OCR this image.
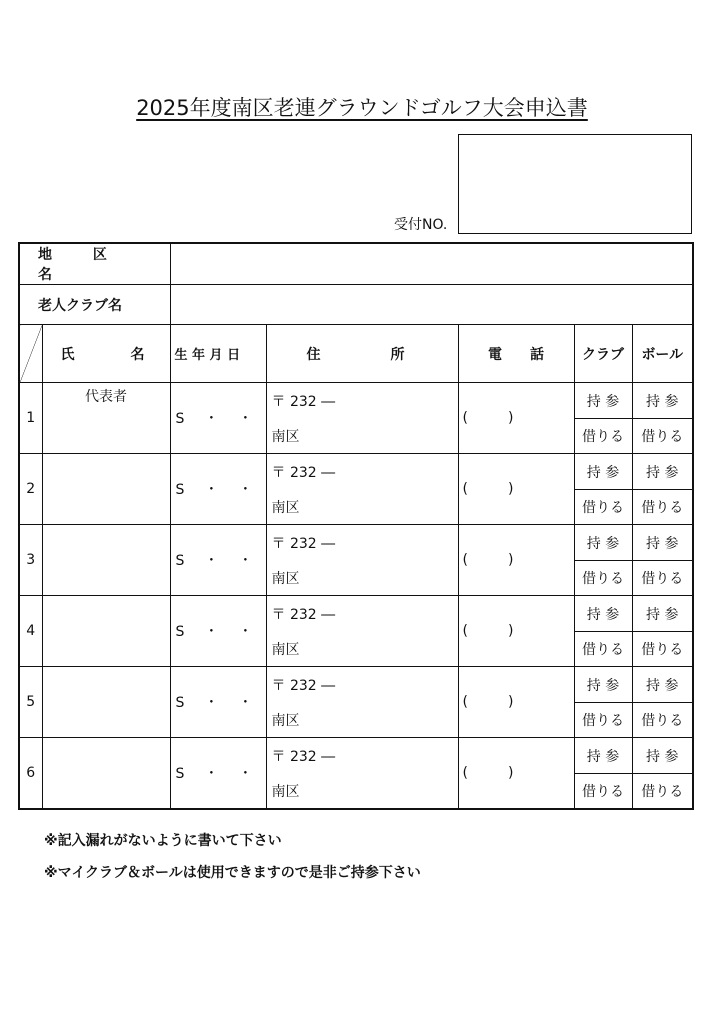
2025年度南区老連グラウンドゴルフ大会申込書
受付NO.
地 区 名						
老人クラブ名						
	氏　　　　名	生 年 月 日	住　　　　　所	電　　話	クラブ	ボール
1	代表者	S ・ ・	〒 232 ―	( )	持 参	持 参
			南区		借りる	借りる
2		S ・ ・	〒 232 ―	( )	持 参	持 参
			南区		借りる	借りる
3		S ・ ・	〒 232 ―	( )	持 参	持 参
			南区		借りる	借りる
4		S ・ ・	〒 232 ―	( )	持 参	持 参
			南区		借りる	借りる
5		S ・ ・	〒 232 ―	( )	持 参	持 参
			南区		借りる	借りる
6		S ・ ・	〒 232 ―	( )	持 参	持 参
			南区		借りる	借りる
※記入漏れがないように書いて下さい
※マイクラブ＆ボールは使用できますので是非ご持参下さい
